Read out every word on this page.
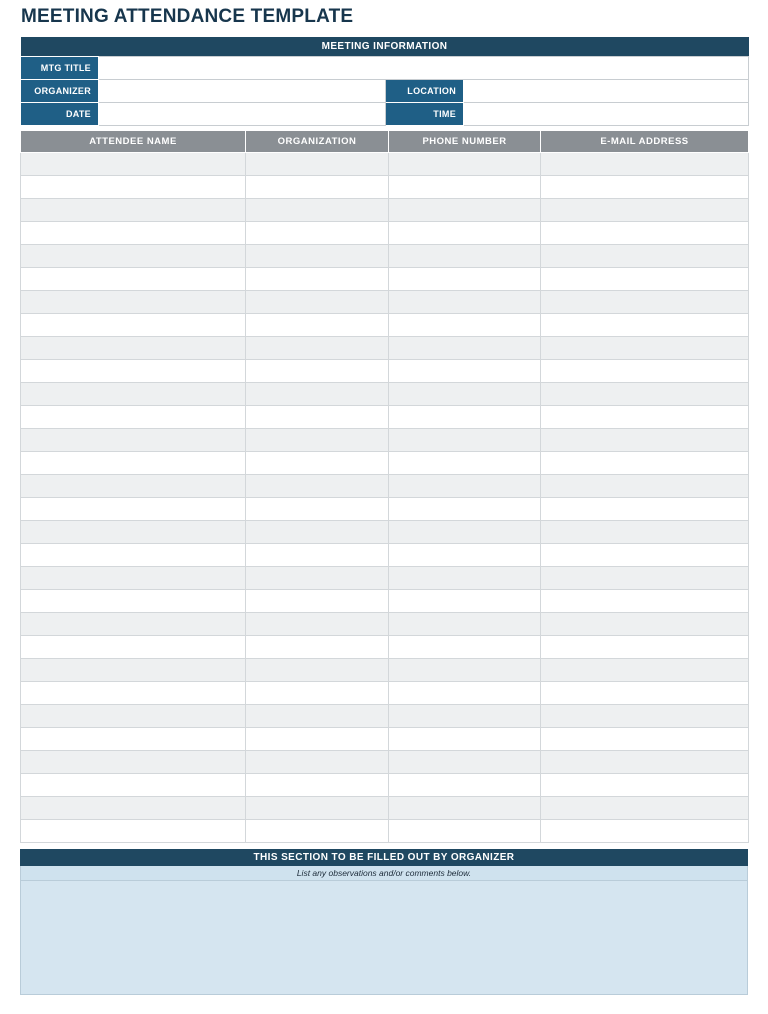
MEETING ATTENDANCE TEMPLATE
MEETING INFORMATION			
MTG TITLE			
ORGANIZER		LOCATION	
DATE		TIME	
ATTENDEE NAME	ORGANIZATION	PHONE NUMBER	E-MAIL ADDRESS

THIS SECTION TO BE FILLED OUT BY ORGANIZER
List any observations and/or comments below.
